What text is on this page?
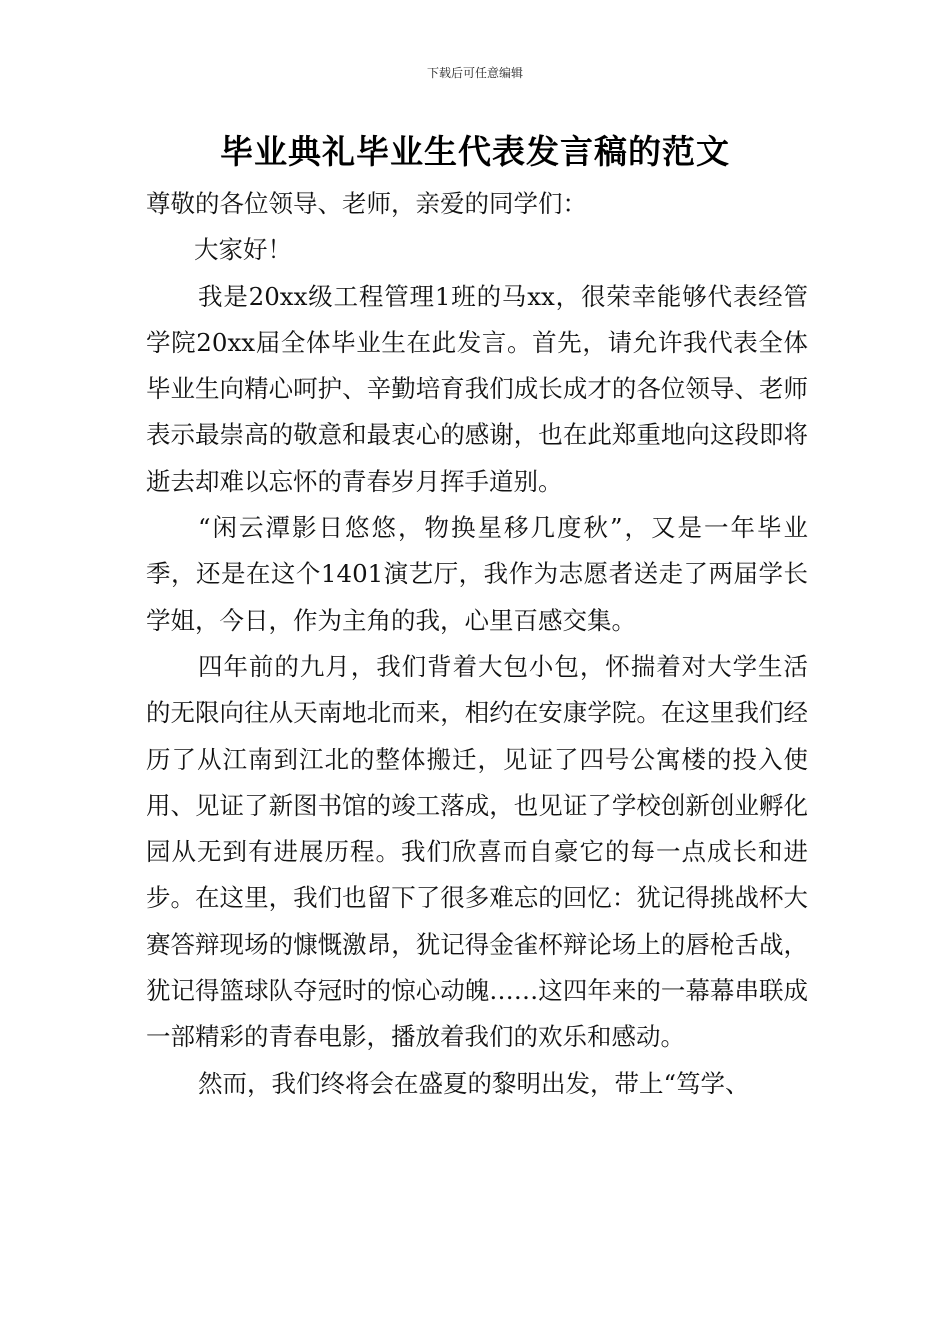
下载后可任意编辑
毕业典礼毕业生代表发言稿的范文

尊敬的各位领导、老师，亲爱的同学们：

大家好！

我是20xx级工程管理1班的马xx，很荣幸能够代表经管学院20xx届全体毕业生在此发言。首先，请允许我代表全体毕业生向精心呵护、辛勤培育我们成长成才的各位领导、老师表示最崇高的敬意和最衷心的感谢，也在此郑重地向这段即将逝去却难以忘怀的青春岁月挥手道别。

“闲云潭影日悠悠，物换星移几度秋”，又是一年毕业季，还是在这个1401演艺厅，我作为志愿者送走了两届学长学姐，今日，作为主角的我，心里百感交集。

四年前的九月，我们背着大包小包，怀揣着对大学生活的无限向往从天南地北而来，相约在安康学院。在这里我们经历了从江南到江北的整体搬迁，见证了四号公寓楼的投入使用、见证了新图书馆的竣工落成，也见证了学校创新创业孵化园从无到有进展历程。我们欣喜而自豪它的每一点成长和进步。在这里，我们也留下了很多难忘的回忆：犹记得挑战杯大赛答辩现场的慷慨激昂，犹记得金雀杯辩论场上的唇枪舌战，犹记得篮球队夺冠时的惊心动魄……这四年来的一幕幕串联成一部精彩的青春电影，播放着我们的欢乐和感动。

然而，我们终将会在盛夏的黎明出发，带上“笃学、
